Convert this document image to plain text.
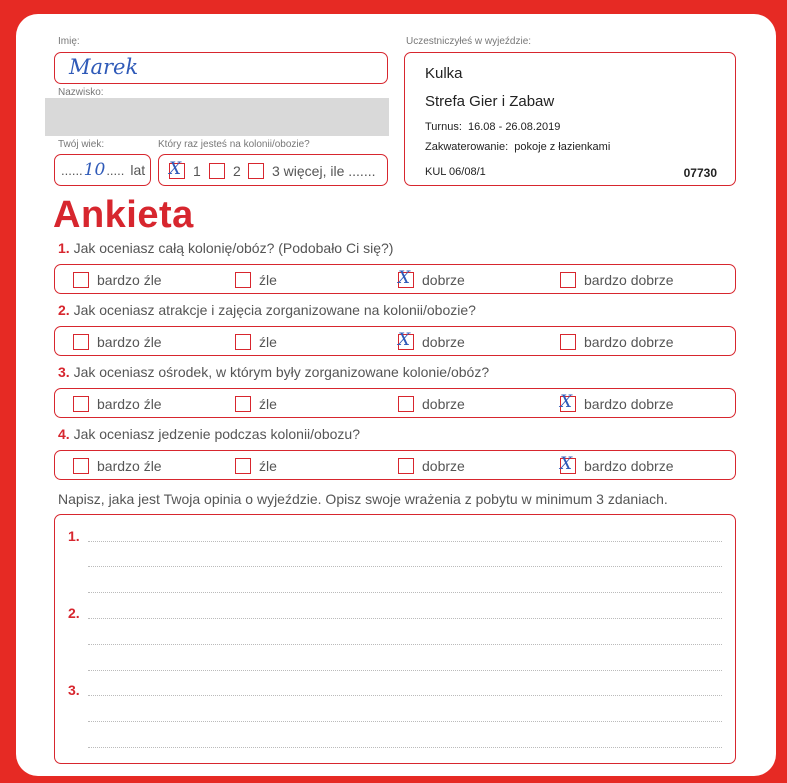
Imię:
Marek
Nazwisko:
Twój wiek:
...... 10 ..... lat
Który raz jesteś na kolonii/obozie?
X 1 2 3 więcej, ile .......
Uczestniczyłeś w wyjeździe:
Kulka
Strefa Gier i Zabaw
Turnus: 16.08 - 26.08.2019
Zakwaterowanie: pokoje z łazienkami
KUL 06/08/1	07730
Ankieta
1. Jak oceniasz całą kolonię/obóz? (Podobało Ci się?)
bardzo źle	źle	X dobrze	bardzo dobrze
2. Jak oceniasz atrakcje i zajęcia zorganizowane na kolonii/obozie?
bardzo źle	źle	X dobrze	bardzo dobrze
3. Jak oceniasz ośrodek, w którym były zorganizowane kolonie/obóz?
bardzo źle	źle	dobrze	X bardzo dobrze
4. Jak oceniasz jedzenie podczas kolonii/obozu?
bardzo źle	źle	dobrze	X bardzo dobrze
Napisz, jaka jest Twoja opinia o wyjeździe. Opisz swoje wrażenia z pobytu w minimum 3 zdaniach.
1.
2.
3.
